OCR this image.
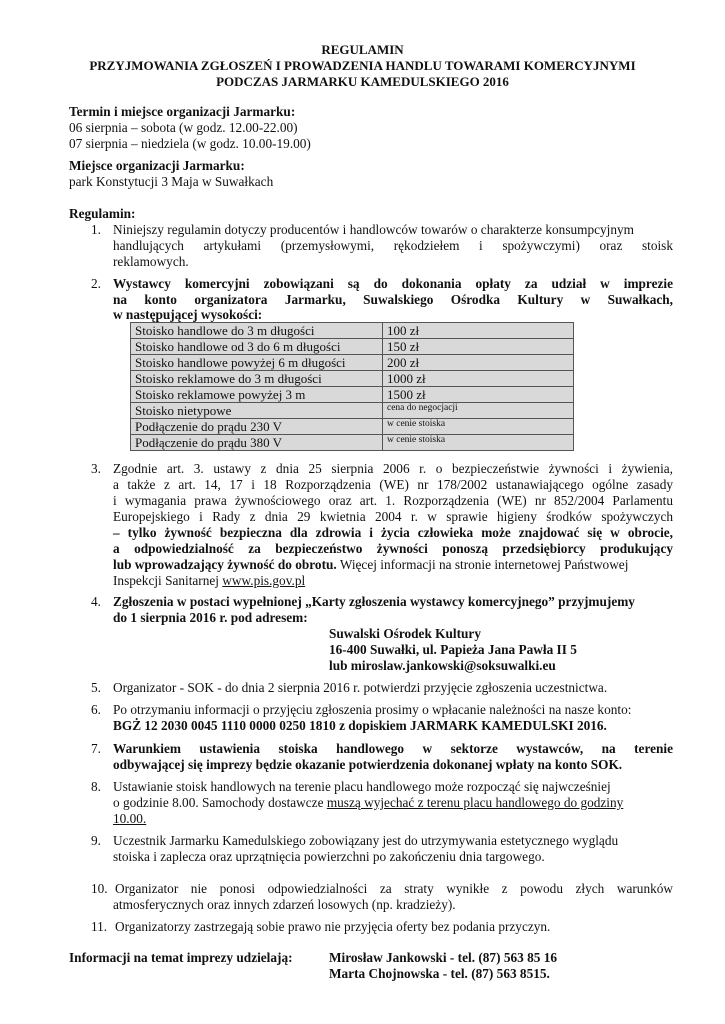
REGULAMIN
PRZYJMOWANIA ZGŁOSZEŃ I PROWADZENIA HANDLU TOWARAMI KOMERCYJNYMI
PODCZAS JARMARKU KAMEDULSKIEGO 2016
Termin i miejsce organizacji Jarmarku:
06 sierpnia – sobota (w godz. 12.00-22.00)
07 sierpnia – niedziela (w godz. 10.00-19.00)
Miejsce organizacji Jarmarku:
park Konstytucji 3 Maja w Suwałkach
Regulamin:
1. Niniejszy regulamin dotyczy producentów i handlowców towarów o charakterze konsumpcyjnym
handlujących artykułami (przemysłowymi, rękodziełem i spożywczymi) oraz stoisk
reklamowych.
2. Wystawcy komercyjni zobowiązani są do dokonania opłaty za udział w imprezie
na konto organizatora Jarmarku, Suwalskiego Ośrodka Kultury w Suwałkach,
w następującej wysokości:
Stoisko handlowe do 3 m długości	100 zł
Stoisko handlowe od 3 do 6 m długości	150 zł
Stoisko handlowe powyżej 6 m długości	200 zł
Stoisko reklamowe do 3 m długości	1000 zł
Stoisko reklamowe powyżej 3 m	1500 zł
Stoisko nietypowe	cena do negocjacji
Podłączenie do prądu 230 V	w cenie stoiska
Podłączenie do prądu 380 V	w cenie stoiska
3. Zgodnie art. 3. ustawy z dnia 25 sierpnia 2006 r. o bezpieczeństwie żywności i żywienia,
a także z art. 14, 17 i 18 Rozporządzenia (WE) nr 178/2002 ustanawiającego ogólne zasady
i wymagania prawa żywnościowego oraz art. 1. Rozporządzenia (WE) nr 852/2004 Parlamentu
Europejskiego i Rady z dnia 29 kwietnia 2004 r. w sprawie higieny środków spożywczych
– tylko żywność bezpieczna dla zdrowia i życia człowieka może znajdować się w obrocie,
a odpowiedzialność za bezpieczeństwo żywności ponoszą przedsiębiorcy produkujący
lub wprowadzający żywność do obrotu. Więcej informacji na stronie internetowej Państwowej
Inspekcji Sanitarnej www.pis.gov.pl
4. Zgłoszenia w postaci wypełnionej „Karty zgłoszenia wystawcy komercyjnego” przyjmujemy
do 1 sierpnia 2016 r. pod adresem:
Suwalski Ośrodek Kultury
16-400 Suwałki, ul. Papieża Jana Pawła II 5
lub miroslaw.jankowski@soksuwalki.eu
5. Organizator - SOK - do dnia 2 sierpnia 2016 r. potwierdzi przyjęcie zgłoszenia uczestnictwa.
6. Po otrzymaniu informacji o przyjęciu zgłoszenia prosimy o wpłacanie należności na nasze konto:
BGŻ 12 2030 0045 1110 0000 0250 1810 z dopiskiem JARMARK KAMEDULSKI 2016.
7. Warunkiem ustawienia stoiska handlowego w sektorze wystawców, na terenie
odbywającej się imprezy będzie okazanie potwierdzenia dokonanej wpłaty na konto SOK.
8. Ustawianie stoisk handlowych na terenie placu handlowego może rozpocząć się najwcześniej
o godzinie 8.00. Samochody dostawcze muszą wyjechać z terenu placu handlowego do godziny
10.00.
9. Uczestnik Jarmarku Kamedulskiego zobowiązany jest do utrzymywania estetycznego wyglądu
stoiska i zaplecza oraz uprzątnięcia powierzchni po zakończeniu dnia targowego.
10. Organizator nie ponosi odpowiedzialności za straty wynikłe z powodu złych warunków
atmosferycznych oraz innych zdarzeń losowych (np. kradzieży).
11. Organizatorzy zastrzegają sobie prawo nie przyjęcia oferty bez podania przyczyn.
Informacji na temat imprezy udzielają:	Mirosław Jankowski - tel. (87) 563 85 16
Marta Chojnowska - tel. (87) 563 8515.
